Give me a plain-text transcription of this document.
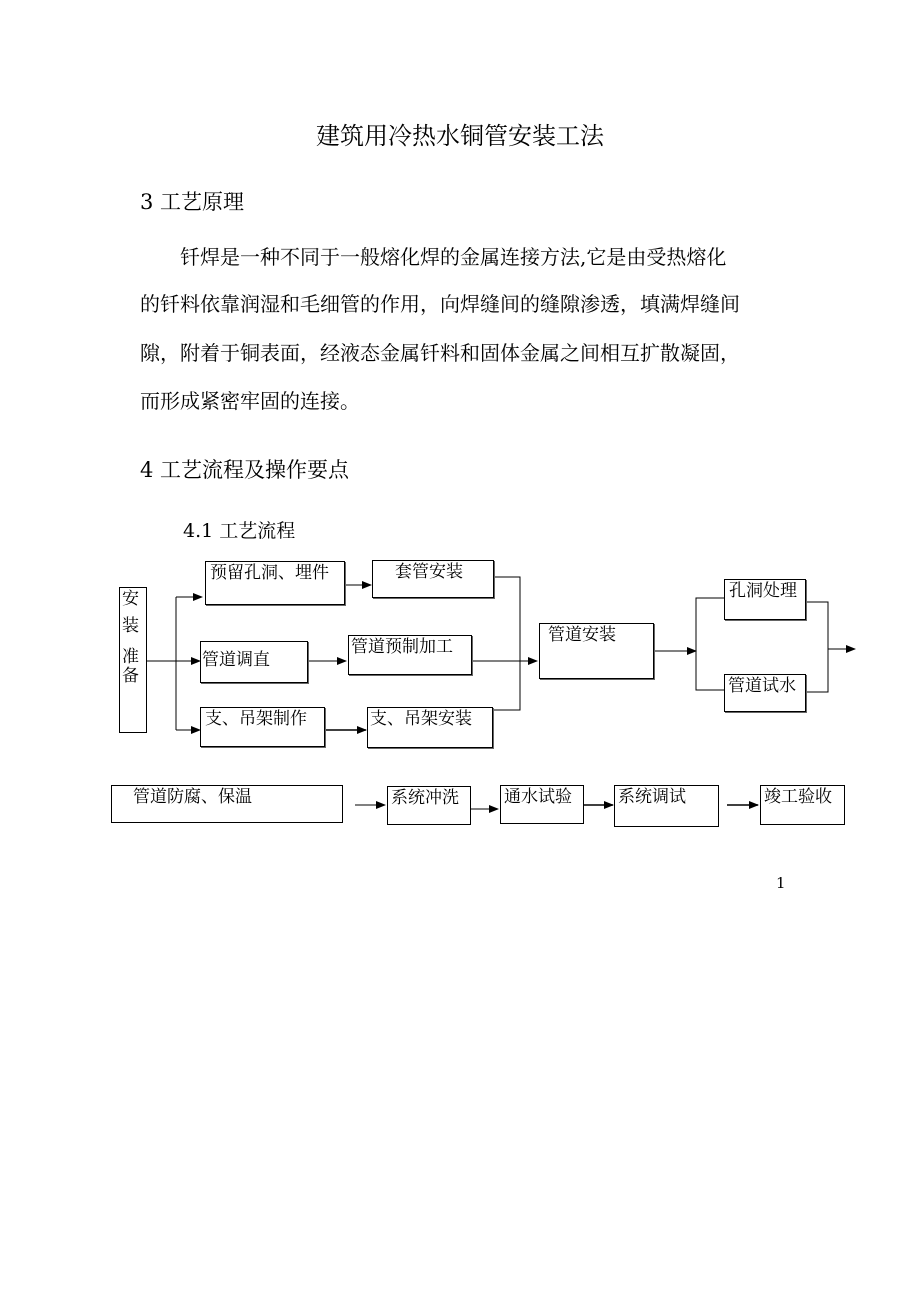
建筑用冷热水铜管安装工法
3 工艺原理
钎焊是一种不同于一般熔化焊的金属连接方法,它是由受热熔化
的钎料依靠润湿和毛细管的作用，向焊缝间的缝隙渗透，填满焊缝间
隙，附着于铜表面，经液态金属钎料和固体金属之间相互扩散凝固，
而形成紧密牢固的连接。
4 工艺流程及操作要点
4.1 工艺流程
安
装
准
备
预留孔洞、埋件	套管安装
管道调直
管道预制加工
支、吊架制作	支、吊架安装
管道安装
孔洞处理
管道试水
管道防腐、保温	系统冲洗	通水试验	系统调试	竣工验收
1
